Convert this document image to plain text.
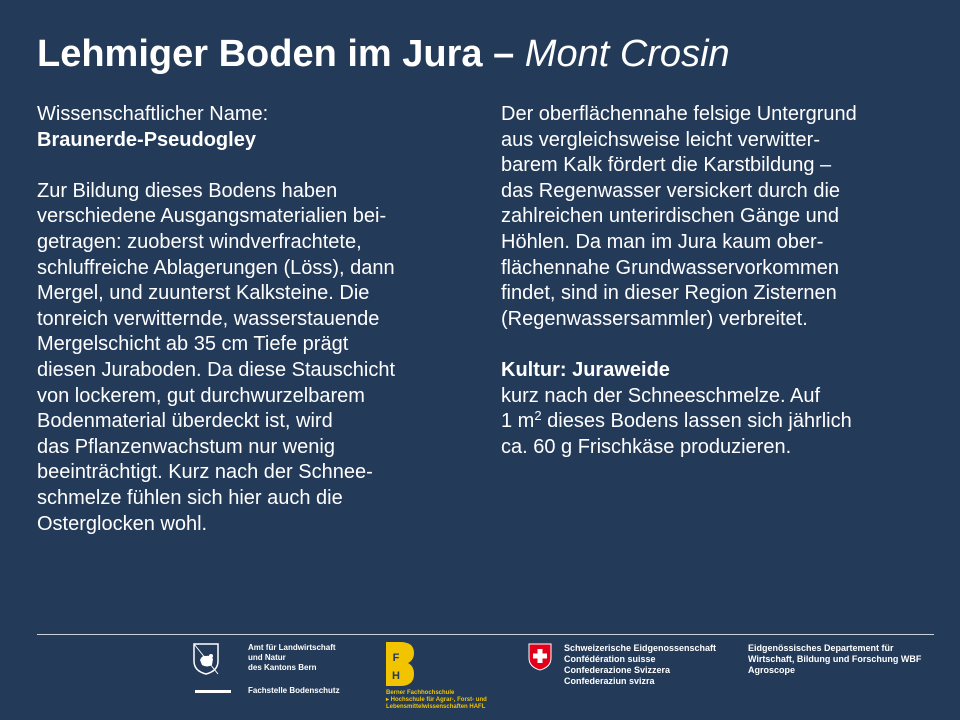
Lehmiger Boden im Jura – Mont Crosin

Wissenschaftlicher Name:

Braunerde-Pseudogley

Zur Bildung dieses Bodens haben
verschiedene Ausgangsmaterialien bei-
getragen: zuoberst windverfrachtete,
schluffreiche Ablagerungen (Löss), dann
Mergel, und zuunterst Kalksteine. Die
tonreich verwitternde, wasserstauende
Mergelschicht ab 35 cm Tiefe prägt
diesen Juraboden. Da diese Stauschicht
von lockerem, gut durchwurzelbarem
Bodenmaterial überdeckt ist, wird
das Pflanzenwachstum nur wenig
beeinträchtigt. Kurz nach der Schnee-
schmelze fühlen sich hier auch die
Osterglocken wohl.
Der oberflächennahe felsige Untergrund
aus vergleichsweise leicht verwitter-
barem Kalk fördert die Karstbildung –
das Regenwasser versickert durch die
zahlreichen unterirdischen Gänge und
Höhlen. Da man im Jura kaum ober-
flächennahe Grundwasservorkommen
findet, sind in dieser Region Zisternen
(Regenwassersammler) verbreitet.

Kultur: Juraweide

kurz nach der Schneeschmelze. Auf
1 $m^2$ dieses Bodens lassen sich jährlich
ca. 60 g Frischkäse produzieren.
Amt für Landwirtschaft
und Natur
des Kantons Bern
Fachstelle Bodenschutz
F
H
Berner Fachhochschule
▸ Hochschule für Agrar-, Forst- und
Lebensmittelwissenschaften HAFL
Schweizerische Eidgenossenschaft
Confédération suisse
Confederazione Svizzera
Confederaziun svizra
Eidgenössisches Departement für
Wirtschaft, Bildung und Forschung WBF
Agroscope
